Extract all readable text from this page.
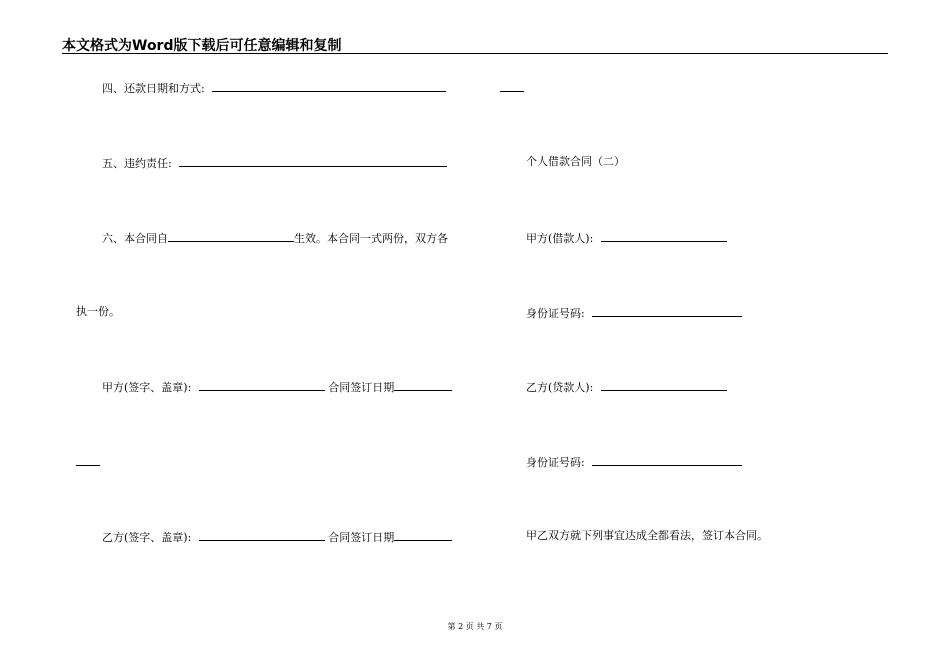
本文格式为Word版下载后可任意编辑和复制
四、还款日期和方式:
五、违约责任:
六、本合同自	生效。本合同一式两份，双方各
执一份。
甲方(签字、盖章):	合同签订日期
乙方(签字、盖章):	合同签订日期
个人借款合同（二）
甲方(借款人):
身份证号码:
乙方(贷款人):
身份证号码:
甲乙双方就下列事宜达成全都看法，签订本合同。
第 2 页 共 7 页
